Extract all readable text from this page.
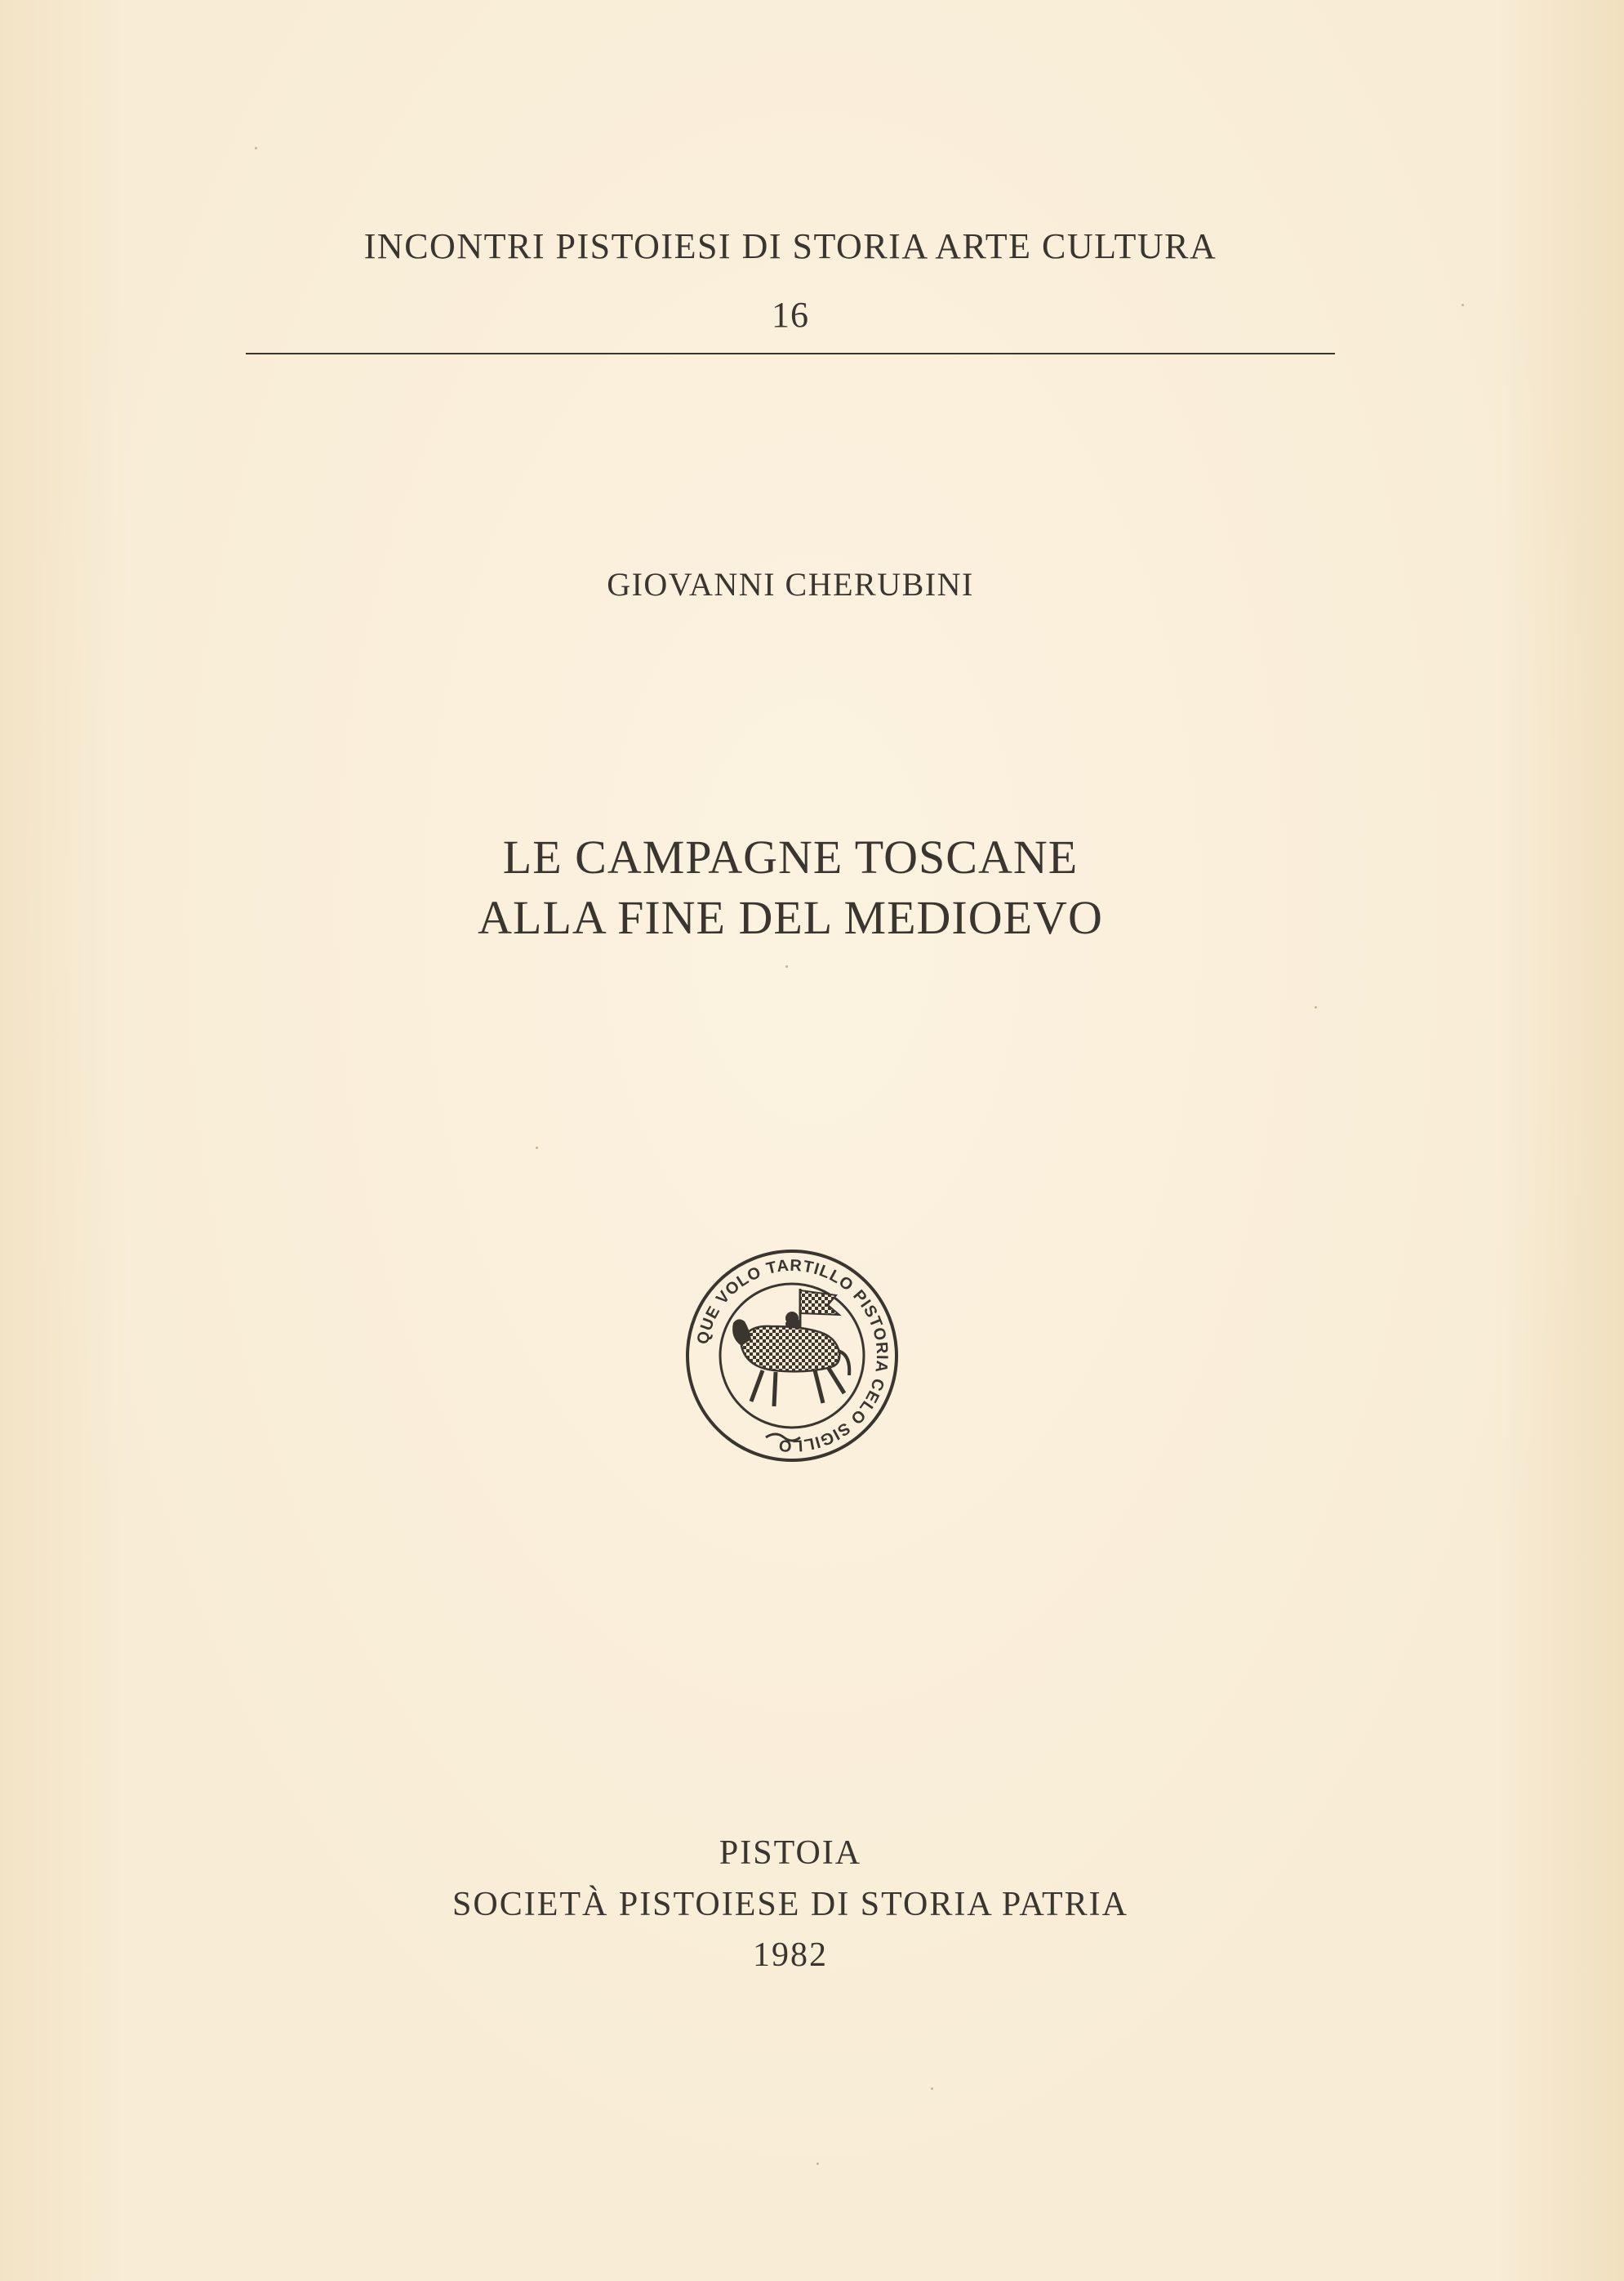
INCONTRI PISTOIESI DI STORIA ARTE CULTURA
16
GIOVANNI CHERUBINI
LE CAMPAGNE TOSCANE
ALLA FINE DEL MEDIOEVO
QUE VOLO TARTILLO PISTORIA CELO SIGILLO
PISTOIA
SOCIETÀ PISTOIESE DI STORIA PATRIA
1982
